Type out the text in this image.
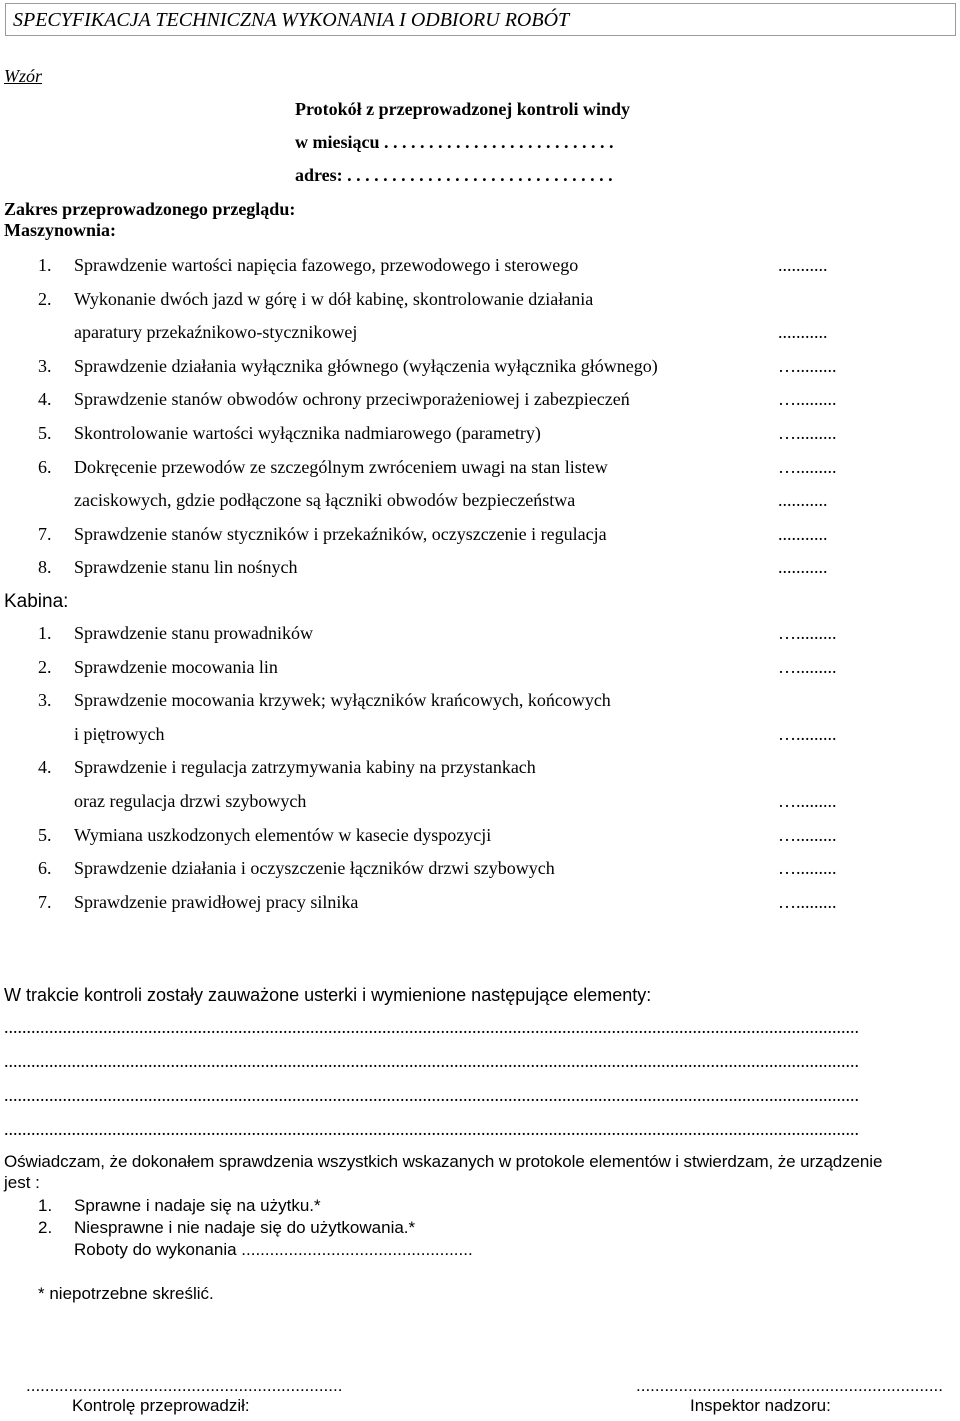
SPECYFIKACJA TECHNICZNA WYKONANIA I ODBIORU ROBÓT
Wzór
Protokół z przeprowadzonej kontroli windy
w miesiącu . . . . . . . . . . . . . . . . . . . . . . . . . .
adres: . . . . . . . . . . . . . . . . . . . . . . . . . . . . . .
Zakres przeprowadzonego przeglądu:
Maszynownia:
1. Sprawdzenie wartości napięcia fazowego, przewodowego i sterowego	...........
2. Wykonanie dwóch jazd w górę i w dół kabinę, skontrolowanie działania
aparatury przekaźnikowo-stycznikowej	...........
3. Sprawdzenie działania wyłącznika głównego (wyłączenia wyłącznika głównego)	….........
4. Sprawdzenie stanów obwodów ochrony przeciwporażeniowej i zabezpieczeń	….........
5. Skontrolowanie wartości wyłącznika nadmiarowego (parametry)	….........
6. Dokręcenie przewodów ze szczególnym zwróceniem uwagi na stan listew	….........
zaciskowych, gdzie podłączone są łączniki obwodów bezpieczeństwa	...........
7. Sprawdzenie stanów styczników i przekaźników, oczyszczenie i regulacja	...........
8. Sprawdzenie stanu lin nośnych	...........
Kabina:
1. Sprawdzenie stanu prowadników	….........
2. Sprawdzenie mocowania lin	….........
3. Sprawdzenie mocowania krzywek; wyłączników krańcowych, końcowych
i piętrowych	….........
4. Sprawdzenie i regulacja zatrzymywania kabiny na przystankach
oraz regulacja drzwi szybowych	….........
5. Wymiana uszkodzonych elementów w kasecie dyspozycji	….........
6. Sprawdzenie działania i oczyszczenie łączników drzwi szybowych	….........
7. Sprawdzenie prawidłowej pracy silnika	….........
W trakcie kontroli zostały zauważone usterki i wymienione następujące elementy:
..............................................................................................................................................................................................
..............................................................................................................................................................................................
..............................................................................................................................................................................................
..............................................................................................................................................................................................
Oświadczam, że dokonałem sprawdzenia wszystkich wskazanych w protokole elementów i stwierdzam, że urządzenie
jest :
1. Sprawne i nadaje się na użytku.*
2. Niesprawne i nie nadaje się do użytkowania.*
Roboty do wykonania .................................................
* niepotrzebne skreślić.
...................................................................
Kontrolę przeprowadził:
.................................................................
Inspektor nadzoru:
